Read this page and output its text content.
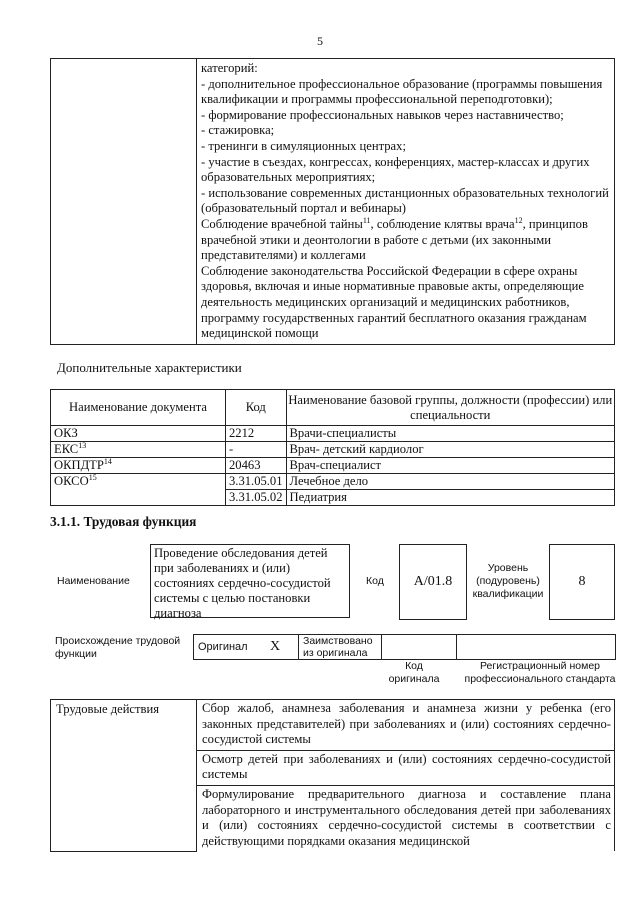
5

категорий:

- дополнительное профессиональное образование (программы повышения квалификации и программы профессиональной переподготовки);

- формирование профессиональных навыков через наставничество;

- стажировка;

- тренинги в симуляционных центрах;

- участие в съездах, конгрессах, конференциях, мастер-классах и других образовательных мероприятиях;

- использование современных дистанционных образовательных технологий (образовательный портал и вебинары)

Соблюдение врачебной тайны$^{11}$, соблюдение клятвы врача$^{12}$, принципов врачебной этики и деонтологии в работе с детьми (их законными представителями) и коллегами

Соблюдение законодательства Российской Федерации в сфере охраны здоровья, включая и иные нормативные правовые акты, определяющие деятельность медицинских организаций и медицинских работников, программу государственных гарантий бесплатного оказания гражданам медицинской помощи

Дополнительные характеристики
Наименование документа	Код	Наименование базовой группы, должности (профессии) или специальности
ОКЗ	2212	Врачи-специалисты
ЕКС$^{13}$	-	Врач- детский кардиолог
ОКПДТР$^{14}$	20463	Врач-специалист
ОКСО$^{15}$	3.31.05.01	Лечебное дело
	3.31.05.02	Педиатрия
3.1.1. Трудовая функция
Наименование
Проведение обследования детей при заболеваниях и (или) состояниях сердечно-сосудистой системы с целью постановки диагноза
Код	A/01.8
Уровень (подуровень) квалификации
8
Происхождение трудовой функции
Оригинал	X	Заимствовано из оригинала		
Код оригинала
Регистрационный номер профессионального стандарта
Трудовые действия	Сбор жалоб, анамнеза заболевания и анамнеза жизни у ребенка (его законных представителей) при заболеваниях и (или) состояниях сердечно-сосудистой системы
Осмотр детей при заболеваниях и (или) состояниях сердечно-сосудистой системы
Формулирование предварительного диагноза и составление плана лабораторного и инструментального обследования детей при заболеваниях и (или) состояниях сердечно-сосудистой системы в соответствии с действующими порядками оказания медицинской
